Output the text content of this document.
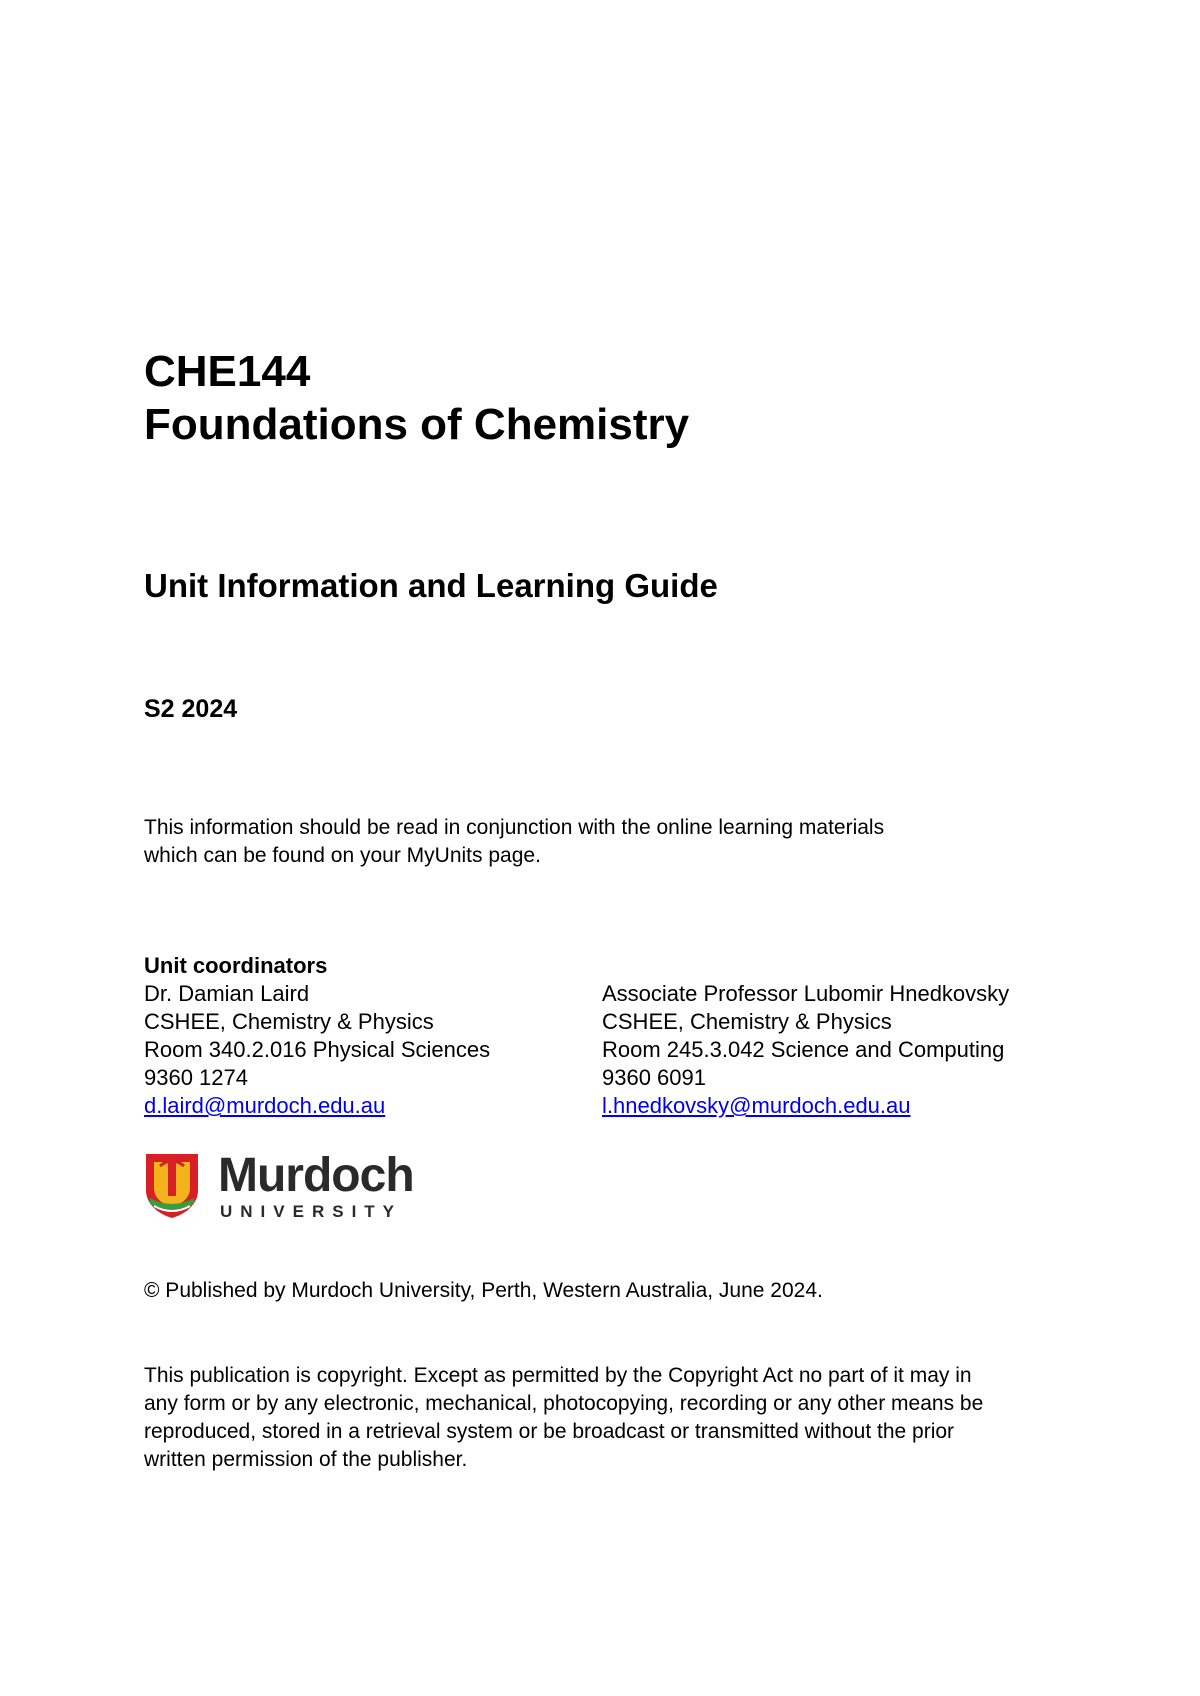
CHE144
Foundations of Chemistry
Unit Information and Learning Guide
S2 2024

This information should be read in conjunction with the online learning materials

which can be found on your MyUnits page.

Unit coordinators
Dr. Damian Laird
CSHEE, Chemistry & Physics
Room 340.2.016 Physical Sciences
9360 1274
d.laird@murdoch.edu.au
Associate Professor Lubomir Hnedkovsky
CSHEE, Chemistry & Physics
Room 245.3.042 Science and Computing
9360 6091
l.hnedkovsky@murdoch.edu.au
Murdoch
UNIVERSITY
© Published by Murdoch University, Perth, Western Australia, June 2024.

This publication is copyright. Except as permitted by the Copyright Act no part of it may in

any form or by any electronic, mechanical, photocopying, recording or any other means be

reproduced, stored in a retrieval system or be broadcast or transmitted without the prior

written permission of the publisher.
